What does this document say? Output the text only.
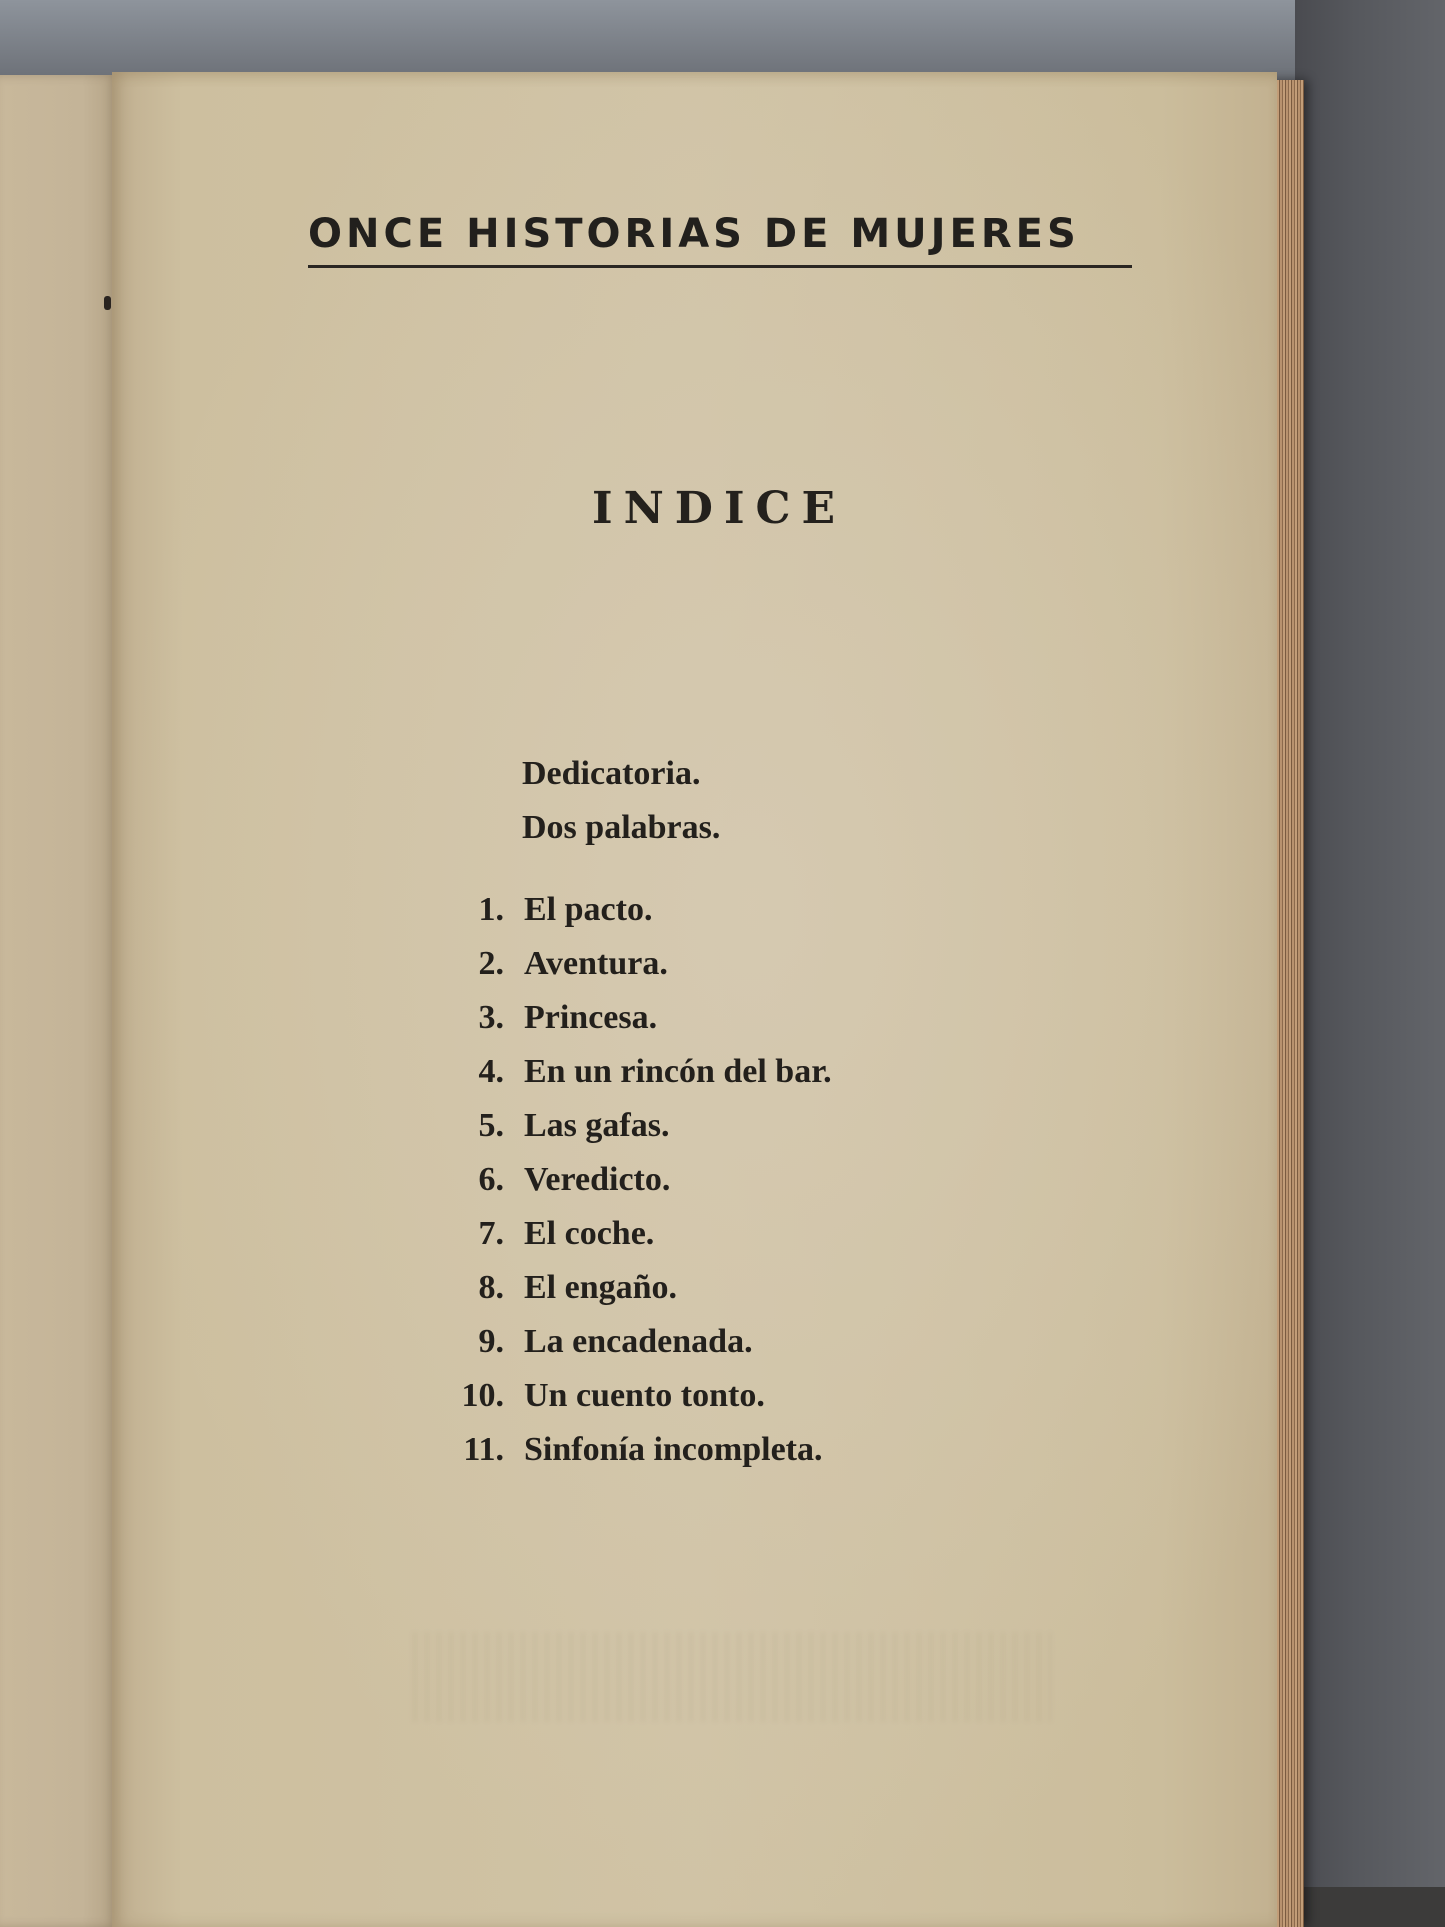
ONCE HISTORIAS DE MUJERES
INDICE
Dedicatoria.
Dos palabras.
1. El pacto.
2. Aventura.
3. Princesa.
4. En un rincón del bar.
5. Las gafas.
6. Veredicto.
7. El coche.
8. El engaño.
9. La encadenada.
10. Un cuento tonto.
11. Sinfonía incompleta.
